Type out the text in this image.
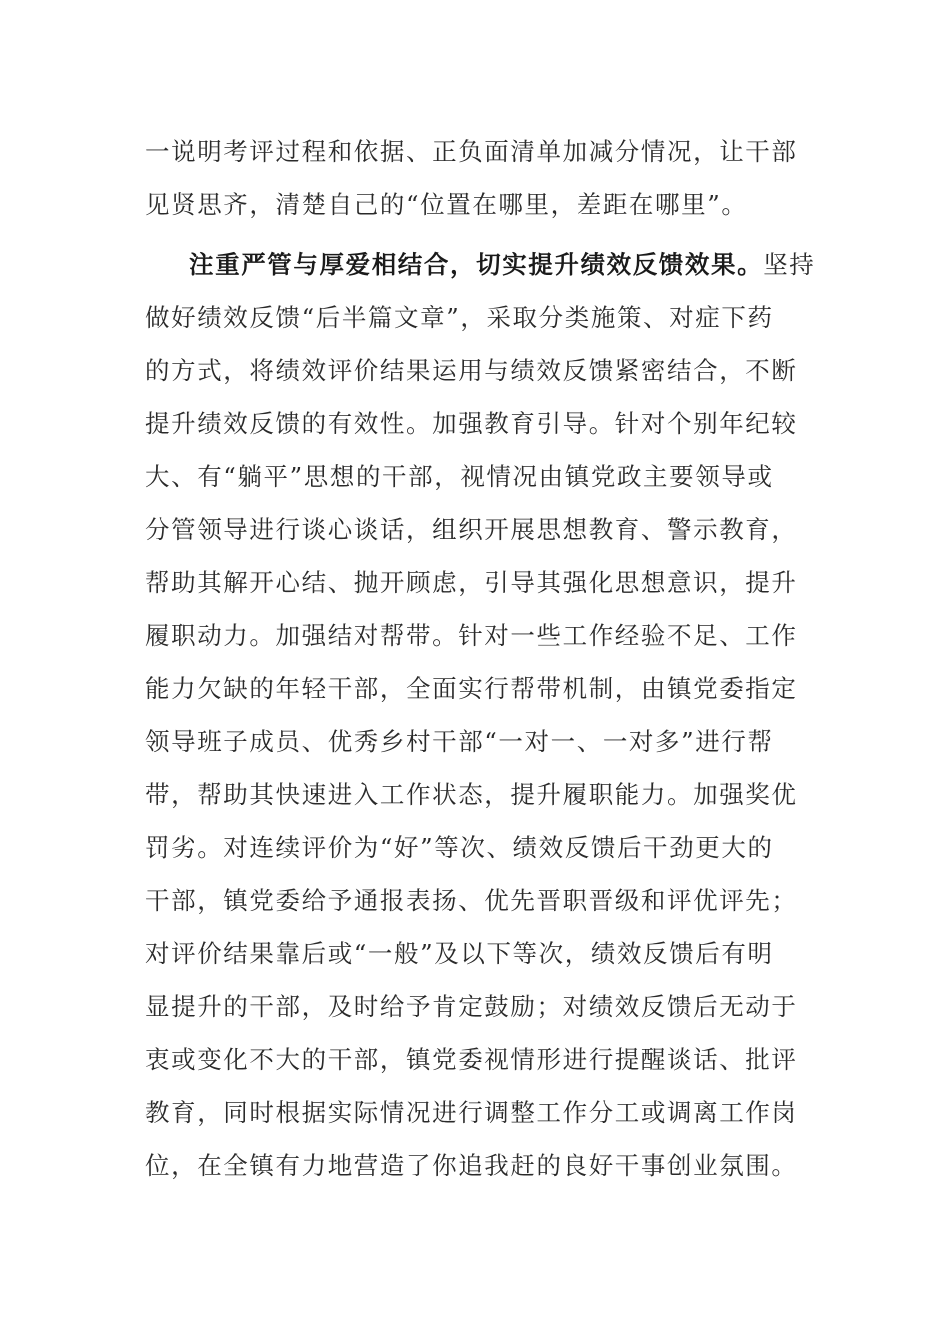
一说明考评过程和依据、正负面清单加减分情况，让干部
见贤思齐，清楚自己的“位置在哪里，差距在哪里”。
注重严管与厚爱相结合，切实提升绩效反馈效果。坚持
做好绩效反馈“后半篇文章”，采取分类施策、对症下药
的方式，将绩效评价结果运用与绩效反馈紧密结合，不断
提升绩效反馈的有效性。加强教育引导。针对个别年纪较
大、有“躺平”思想的干部，视情况由镇党政主要领导或
分管领导进行谈心谈话，组织开展思想教育、警示教育，
帮助其解开心结、抛开顾虑，引导其强化思想意识，提升
履职动力。加强结对帮带。针对一些工作经验不足、工作
能力欠缺的年轻干部，全面实行帮带机制，由镇党委指定
领导班子成员、优秀乡村干部“一对一、一对多”进行帮
带，帮助其快速进入工作状态，提升履职能力。加强奖优
罚劣。对连续评价为“好”等次、绩效反馈后干劲更大的
干部，镇党委给予通报表扬、优先晋职晋级和评优评先；
对评价结果靠后或“一般”及以下等次，绩效反馈后有明
显提升的干部，及时给予肯定鼓励；对绩效反馈后无动于
衷或变化不大的干部，镇党委视情形进行提醒谈话、批评
教育，同时根据实际情况进行调整工作分工或调离工作岗
位，在全镇有力地营造了你追我赶的良好干事创业氛围。
